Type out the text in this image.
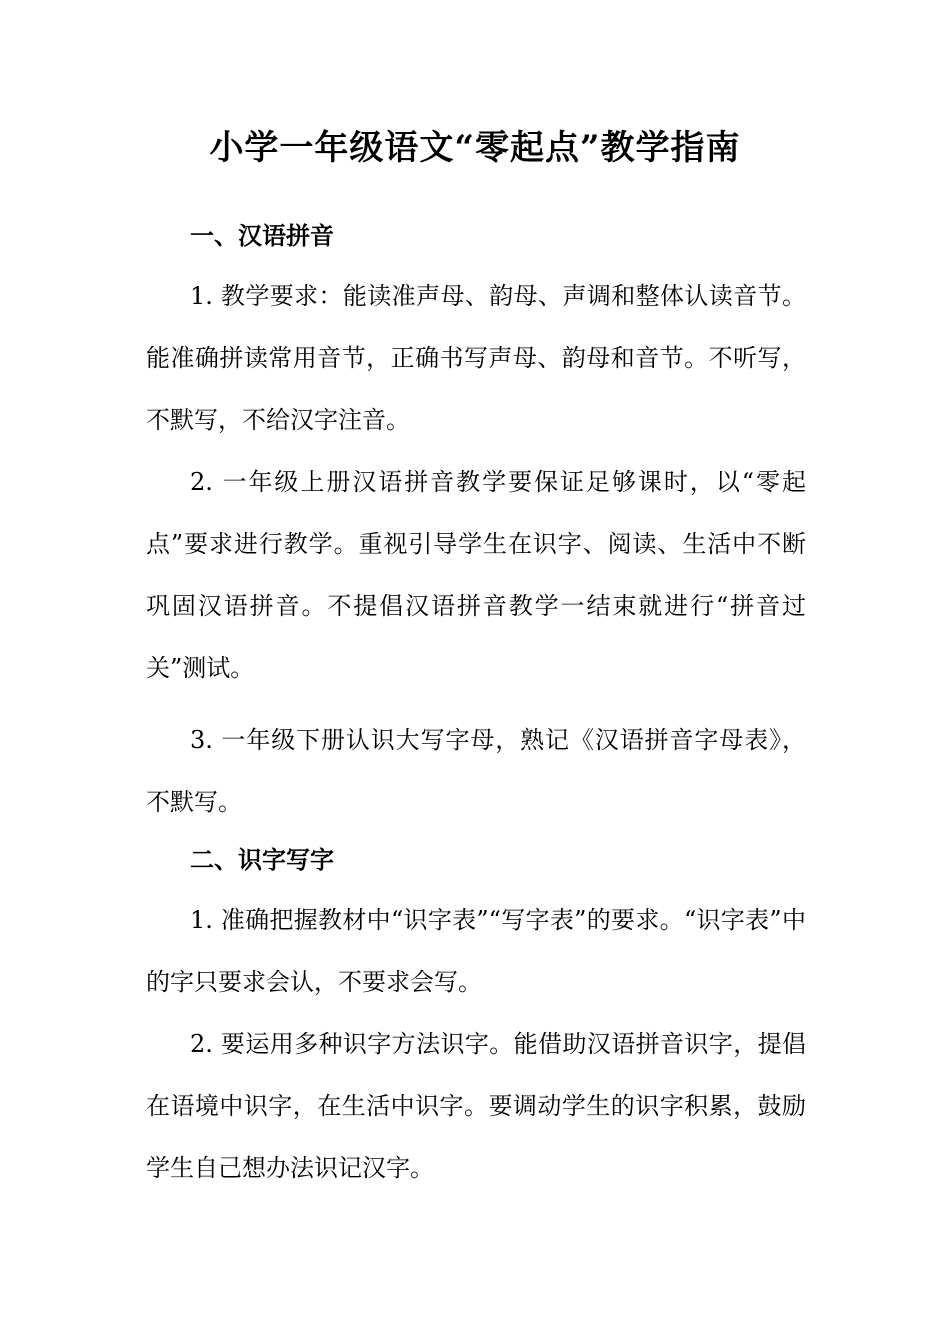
小学一年级语文“零起点”教学指南
一、汉语拼音

1. 教学要求：能读准声母、韵母、声调和整体认读音节。能准确拼读常用音节，正确书写声母、韵母和音节。不听写，不默写，不给汉字注音。

2. 一年级上册汉语拼音教学要保证足够课时，以“零起点”要求进行教学。重视引导学生在识字、阅读、生活中不断巩固汉语拼音。不提倡汉语拼音教学一结束就进行“拼音过关”测试。

3. 一年级下册认识大写字母，熟记《汉语拼音字母表》，不默写。

二、识字写字

1. 准确把握教材中“识字表”“写字表”的要求。“识字表”中的字只要求会认，不要求会写。

2. 要运用多种识字方法识字。能借助汉语拼音识字，提倡在语境中识字，在生活中识字。要调动学生的识字积累，鼓励学生自己想办法识记汉字。
